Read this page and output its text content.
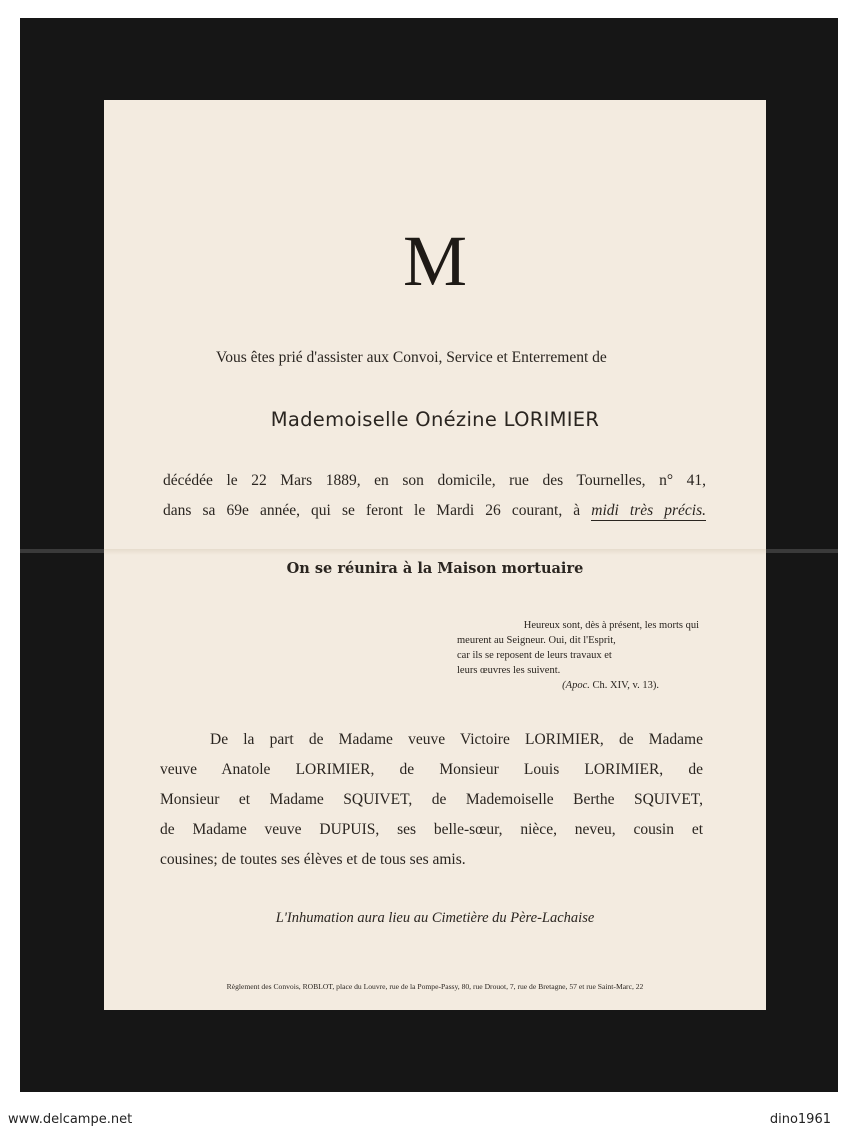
M
Vous êtes prié d'assister aux Convoi, Service et Enterrement de
Mademoiselle Onézine LORIMIER
décédée le 22 Mars 1889, en son domicile, rue des Tournelles, n° 41,
dans sa 69e année, qui se feront le Mardi 26 courant, à midi très précis.
On se réunira à la Maison mortuaire
Heureux sont, dès à présent, les morts qui
meurent au Seigneur. Oui, dit l'Esprit,
car ils se reposent de leurs travaux et
leurs œuvres les suivent.
(Apoc. Ch. XIV, v. 13).
De la part de Madame veuve Victoire LORIMIER, de Madame
veuve Anatole LORIMIER, de Monsieur Louis LORIMIER, de
Monsieur et Madame SQUIVET, de Mademoiselle Berthe SQUIVET,
de Madame veuve DUPUIS, ses belle-sœur, nièce, neveu, cousin et
cousines; de toutes ses élèves et de tous ses amis.
L'Inhumation aura lieu au Cimetière du Père-Lachaise
Règlement des Convois, ROBLOT, place du Louvre, rue de la Pompe-Passy, 80, rue Drouot, 7, rue de Bretagne, 57 et rue Saint-Marc, 22
www.delcampe.net	dino1961
